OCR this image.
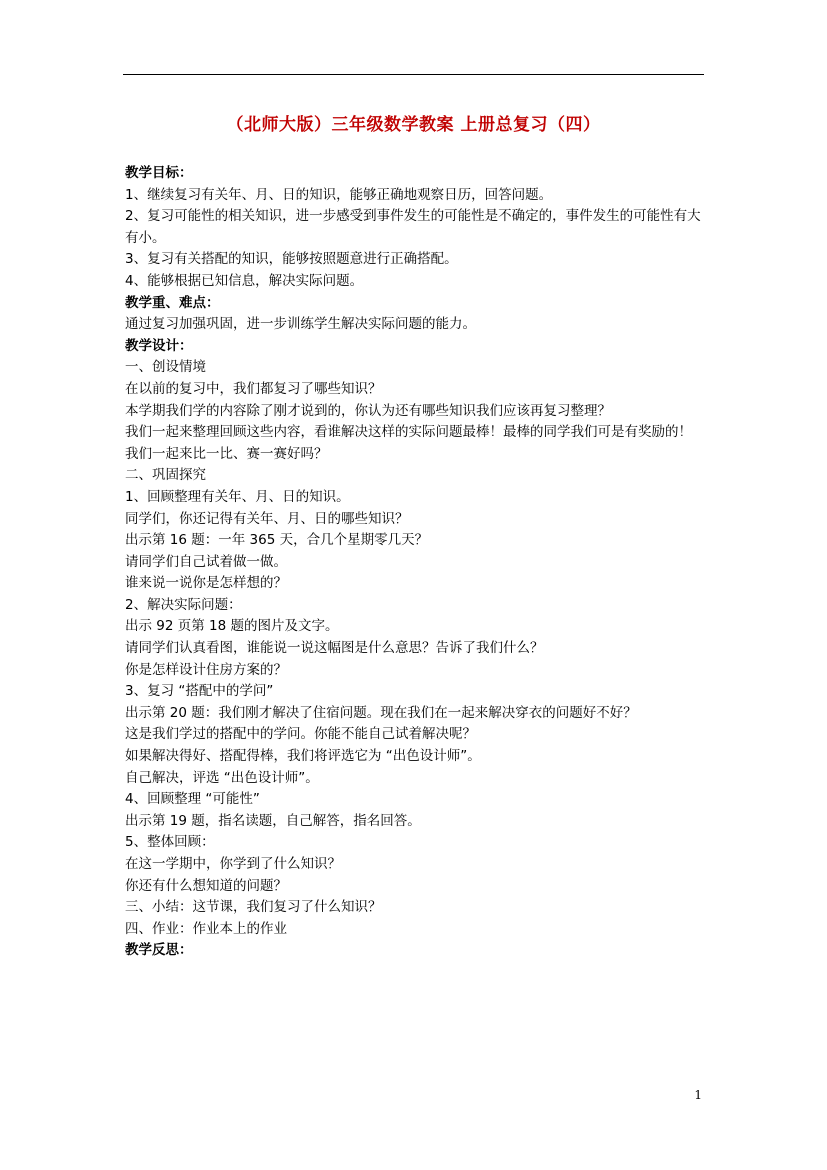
（北师大版）三年级数学教案 上册总复习（四）

教学目标：

1、继续复习有关年、月、日的知识，能够正确地观察日历，回答问题。

2、复习可能性的相关知识，进一步感受到事件发生的可能性是不确定的，事件发生的可能性有大有小。

3、复习有关搭配的知识，能够按照题意进行正确搭配。

4、能够根据已知信息，解决实际问题。

教学重、难点：

通过复习加强巩固，进一步训练学生解决实际问题的能力。

教学设计：

一、创设情境

在以前的复习中，我们都复习了哪些知识？

本学期我们学的内容除了刚才说到的，你认为还有哪些知识我们应该再复习整理？

我们一起来整理回顾这些内容，看谁解决这样的实际问题最棒！最棒的同学我们可是有奖励的！

我们一起来比一比、赛一赛好吗？

二、巩固探究

1、回顾整理有关年、月、日的知识。

同学们，你还记得有关年、月、日的哪些知识？

出示第 16 题：一年 365 天，合几个星期零几天？

请同学们自己试着做一做。

谁来说一说你是怎样想的？

2、解决实际问题：

出示 92 页第 18 题的图片及文字。

请同学们认真看图，谁能说一说这幅图是什么意思？告诉了我们什么？

你是怎样设计住房方案的？

3、复习 “搭配中的学问”

出示第 20 题：我们刚才解决了住宿问题。现在我们在一起来解决穿衣的问题好不好？

这是我们学过的搭配中的学问。你能不能自己试着解决呢？

如果解决得好、搭配得棒，我们将评选它为 “出色设计师”。

自己解决，评选 “出色设计师”。

4、回顾整理 “可能性”

出示第 19 题，指名读题，自己解答，指名回答。

5、整体回顾：

在这一学期中，你学到了什么知识？

你还有什么想知道的问题？

三、小结：这节课，我们复习了什么知识？

四、作业：作业本上的作业

教学反思：

1
